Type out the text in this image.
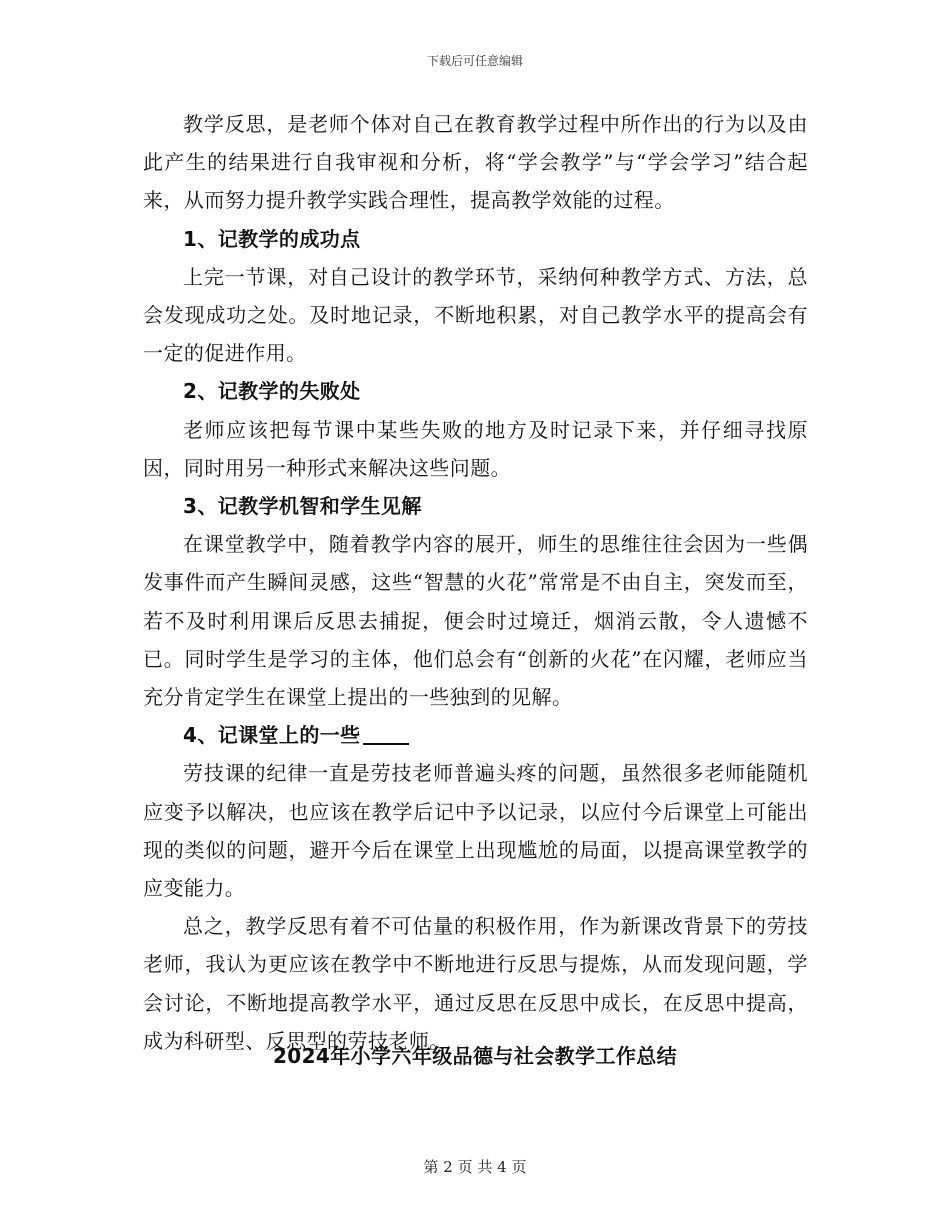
下载后可任意编辑

教学反思，是老师个体对自己在教育教学过程中所作出的行为以及由此产生的结果进行自我审视和分析，将“学会教学”与“学会学习”结合起来，从而努力提升教学实践合理性，提高教学效能的过程。

1、记教学的成功点

上完一节课，对自己设计的教学环节，采纳何种教学方式、方法，总会发现成功之处。及时地记录，不断地积累，对自己教学水平的提高会有一定的促进作用。

2、记教学的失败处

老师应该把每节课中某些失败的地方及时记录下来，并仔细寻找原因，同时用另一种形式来解决这些问题。

3、记教学机智和学生见解

在课堂教学中，随着教学内容的展开，师生的思维往往会因为一些偶发事件而产生瞬间灵感，这些“智慧的火花”常常是不由自主，突发而至，若不及时利用课后反思去捕捉，便会时过境迁，烟消云散，令人遗憾不已。同时学生是学习的主体，他们总会有“创新的火花”在闪耀，老师应当充分肯定学生在课堂上提出的一些独到的见解。

4、记课堂上的一些

劳技课的纪律一直是劳技老师普遍头疼的问题，虽然很多老师能随机应变予以解决，也应该在教学后记中予以记录，以应付今后课堂上可能出现的类似的问题，避开今后在课堂上出现尴尬的局面，以提高课堂教学的应变能力。

总之，教学反思有着不可估量的积极作用，作为新课改背景下的劳技老师，我认为更应该在教学中不断地进行反思与提炼，从而发现问题，学会讨论，不断地提高教学水平，通过反思在反思中成长，在反思中提高，成为科研型、反思型的劳技老师。

2024年小学六年级品德与社会教学工作总结
第 2 页 共 4 页
